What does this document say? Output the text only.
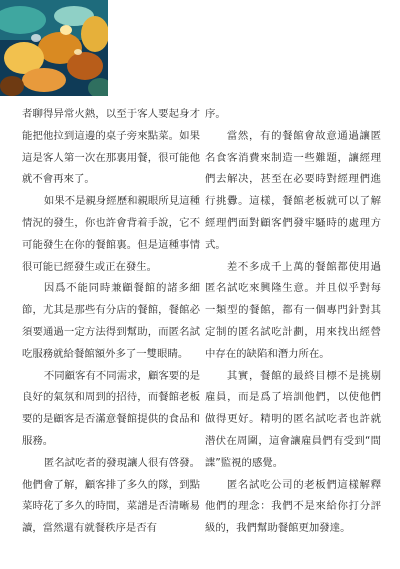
者聊得异常火熱，以至于客人要起身才能把他拉到這邊的桌子旁來點菜。如果這是客人第一次在那裏用餐，很可能他就不會再來了。

如果不是親身經歷和親眼所見這種情況的發生，你也許會背着手說，它不可能發生在你的餐館裏。但是這種事情很可能已經發生或正在發生。

因爲不能同時兼顧餐館的諸多細節，尤其是那些有分店的餐館，餐館必須要通過一定方法得到幫助，而匿名試吃服務就給餐館額外多了一雙眼睛。

不同顧客有不同需求，顧客要的是良好的氣氛和周到的招待，而餐館老板要的是顧客是否滿意餐館提供的食品和服務。

匿名試吃者的發現讓人很有啓發。他們會了解，顧客排了多久的隊，到點菜時花了多久的時間，菜譜是否清晰易讀，當然還有就餐秩序是否有

序。

當然，有的餐館會故意通過讓匿名食客消費來制造一些難題，讓經理們去解决，甚至在必要時對經理們進行挑釁。這樣，餐館老板就可以了解經理們面對顧客們發牢騷時的處理方式。

差不多成千上萬的餐館都使用過匿名試吃來興隆生意。并且似乎對每一類型的餐館，都有一個專門針對其定制的匿名試吃計劃，用來找出經營中存在的缺陷和潛力所在。

其實，餐館的最終目標不是挑剔雇員，而是爲了培訓他們，以使他們做得更好。精明的匿名試吃者也許就潜伏在周圍，這會讓雇員們有受到“間諜”監視的感覺。

匿名試吃公司的老板們這樣解釋他們的理念：我們不是來給你打分評級的，我們幫助餐館更加發達。
